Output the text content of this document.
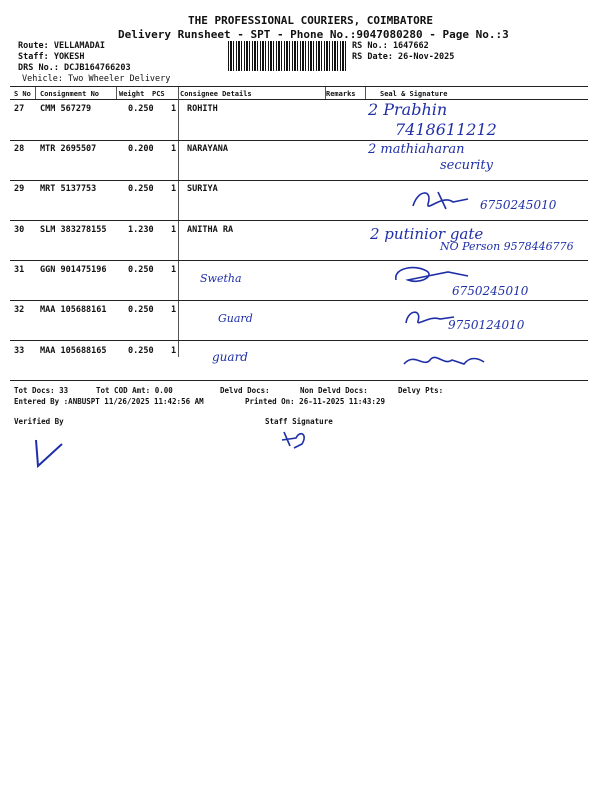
THE PROFESSIONAL COURIERS, COIMBATORE
Delivery Runsheet - SPT - Phone No.:9047080280 - Page No.:3
Route: VELLAMADAI
Staff: YOKESH
DRS No.: DCJB164766203
Vehicle: Two Wheeler Delivery
RS No.: 1647662
RS Date: 26-Nov-2025
S No Consignment No	Weight PCS Consignee Details	Remarks	Seal & Signature
27 CMM 567279	0.250 1 ROHITH	2 Prabhin
7418611212
28 MTR 2695507	0.200 1 NARAYANA	2 mathiaharan
security
29 MRT 5137753	0.250 1 SURIYA
6750245010
30 SLM 383278155	1.230 1 ANITHA RA	2 putinior gate
NO Person 9578446776
31 GGN 901475196	0.250 1
Swetha
6750245010
32 MAA 105688161	0.250 1
Guard	9750124010
33 MAA 105688165	0.250 1	guard
Tot Docs: 33	Tot COD Amt: 0.00	Delvd Docs:	Non Delvd Docs:	Delvy Pts:
Entered By :ANBUSPT 11/26/2025 11:42:56 AM	Printed On: 26-11-2025 11:43:29
Verified By	Staff Signature
